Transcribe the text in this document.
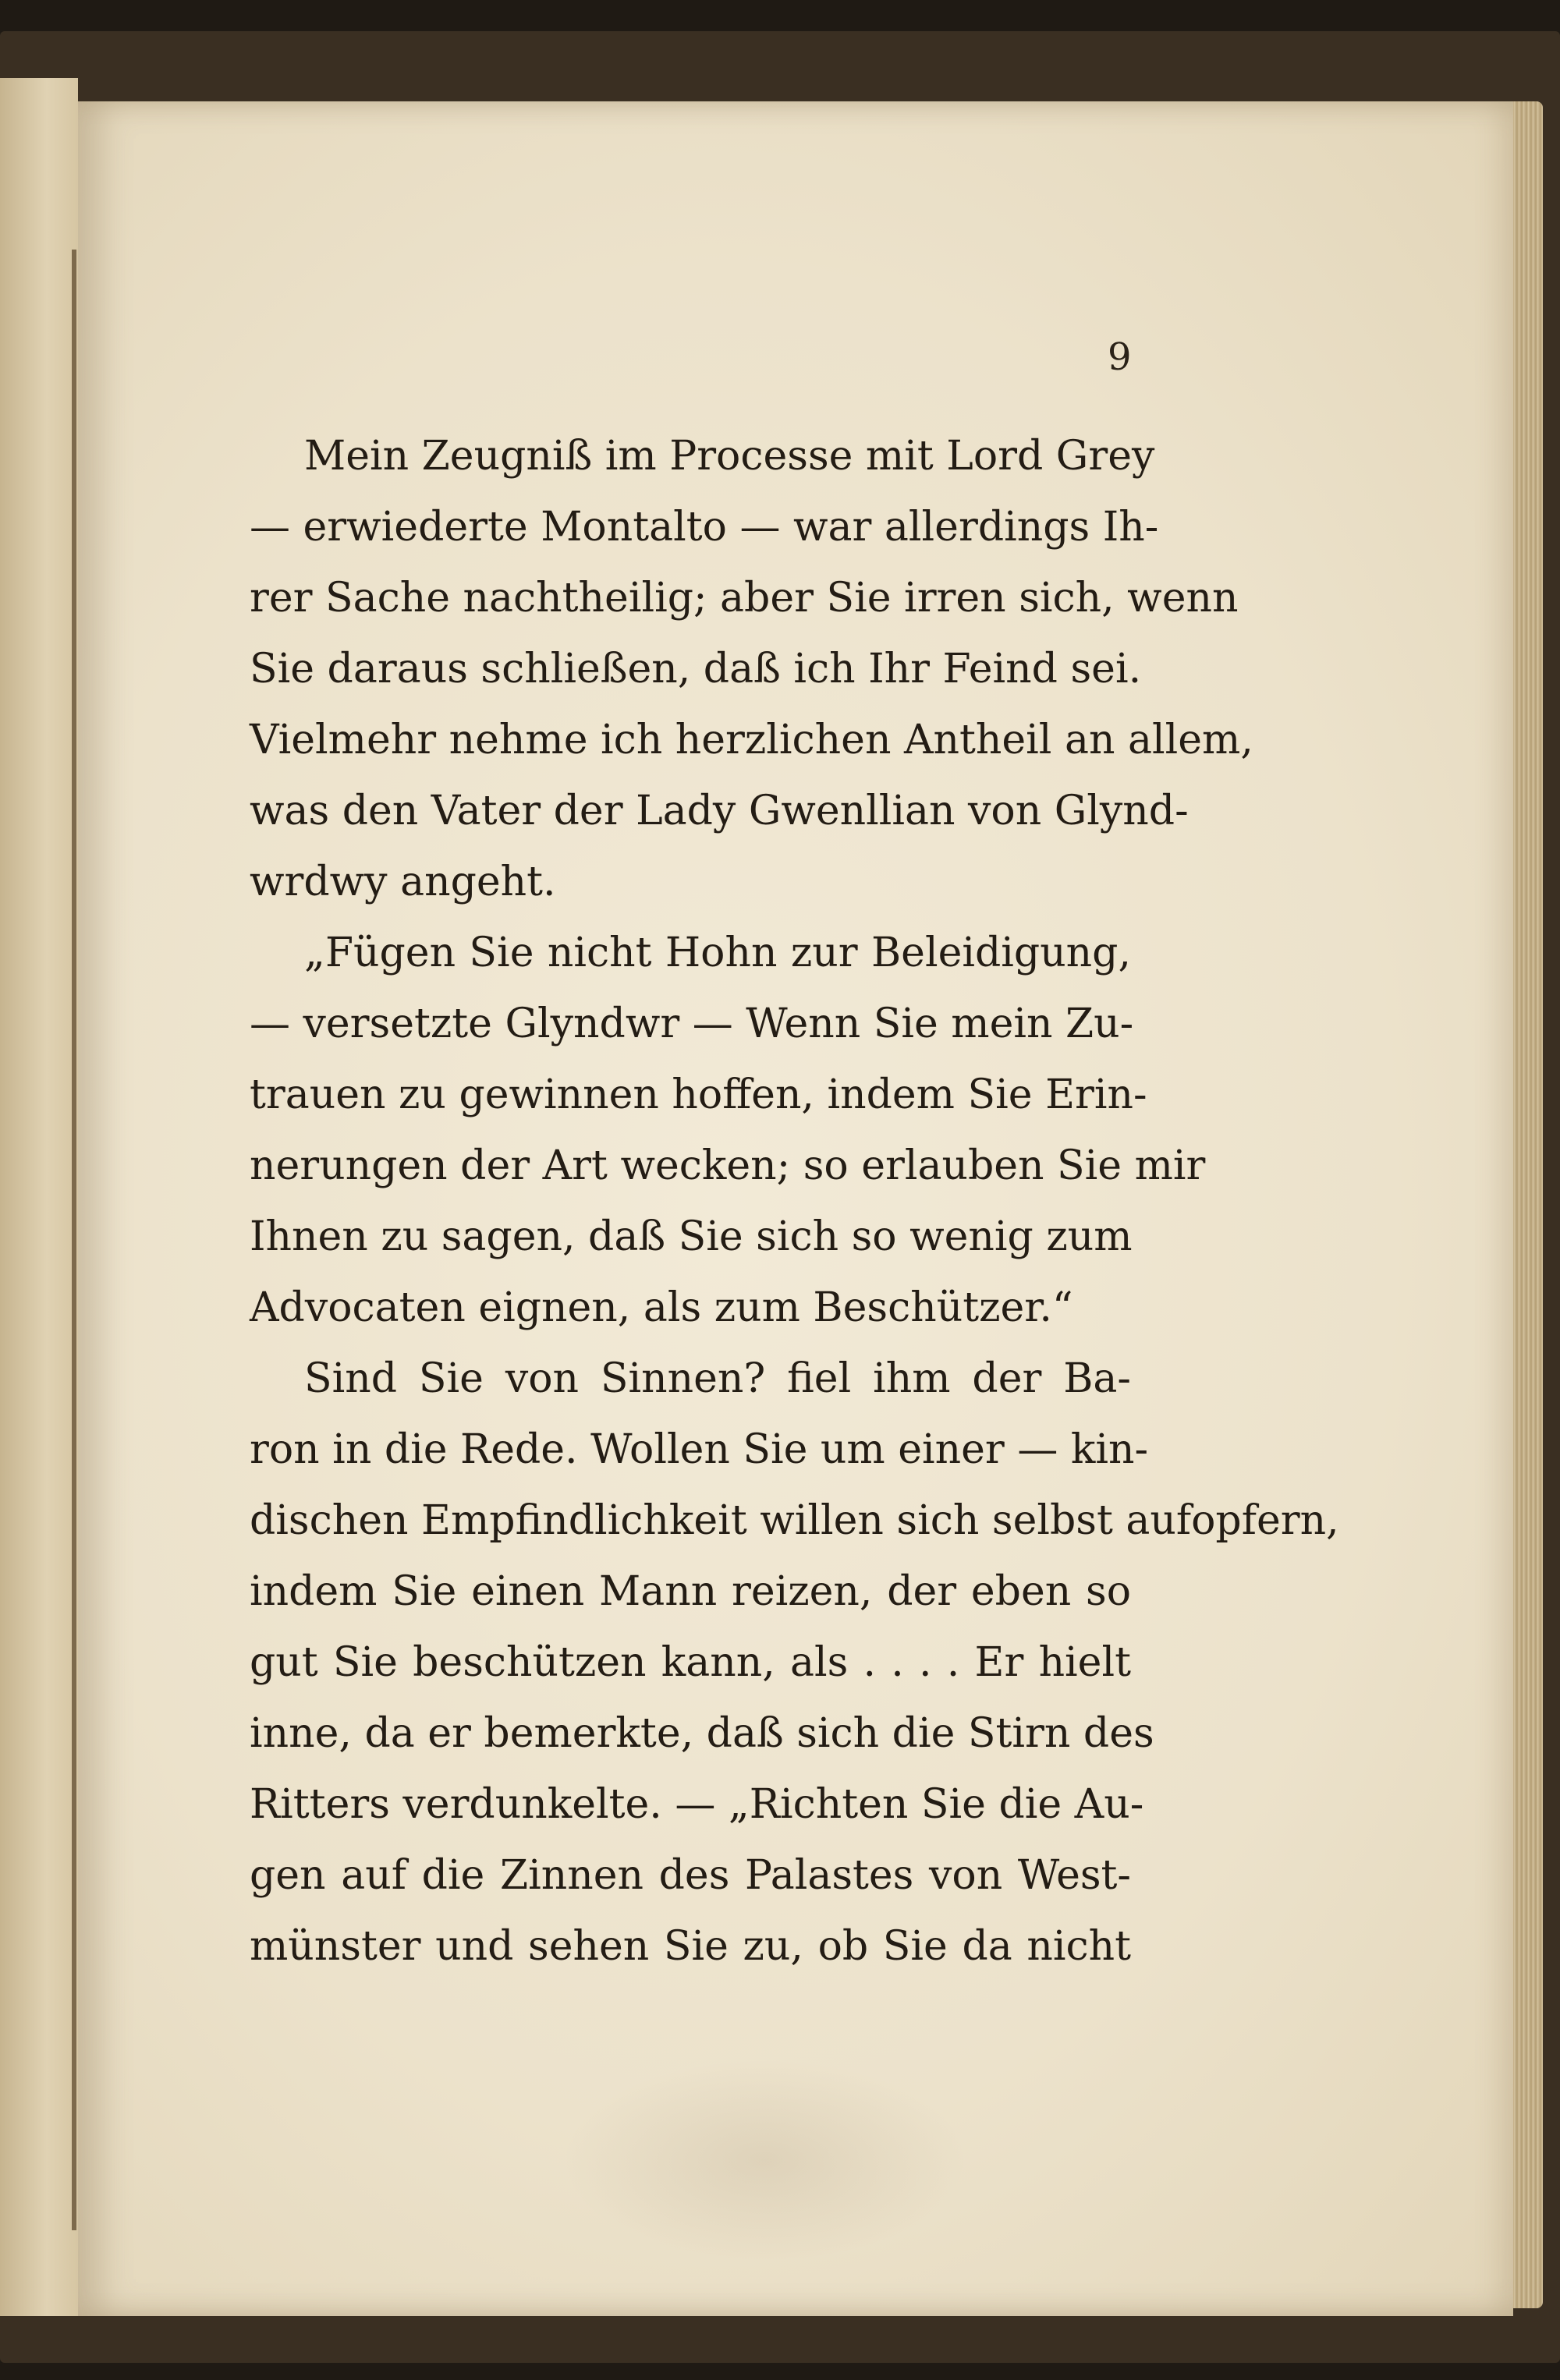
9
Mein Zeugniß im Processe mit Lord Grey
— erwiederte Montalto — war allerdings Ih-
rer Sache nachtheilig; aber Sie irren sich, wenn
Sie daraus schließen, daß ich Ihr Feind sei.
Vielmehr nehme ich herzlichen Antheil an allem,
was den Vater der Lady Gwenllian von Glynd-
wrdwy angeht.
„Fügen Sie nicht Hohn zur Beleidigung,
— versetzte Glyndwr — Wenn Sie mein Zu-
trauen zu gewinnen hoffen, indem Sie Erin-
nerungen der Art wecken; so erlauben Sie mir
Ihnen zu sagen, daß Sie sich so wenig zum
Advocaten eignen, als zum Beschützer.“
Sind Sie von Sinnen? fiel ihm der Ba-
ron in die Rede. Wollen Sie um einer — kin-
dischen Empfindlichkeit willen sich selbst aufopfern,
indem Sie einen Mann reizen, der eben so
gut Sie beschützen kann, als . . . . Er hielt
inne, da er bemerkte, daß sich die Stirn des
Ritters verdunkelte. — „Richten Sie die Au-
gen auf die Zinnen des Palastes von West-
münster und sehen Sie zu, ob Sie da nicht
